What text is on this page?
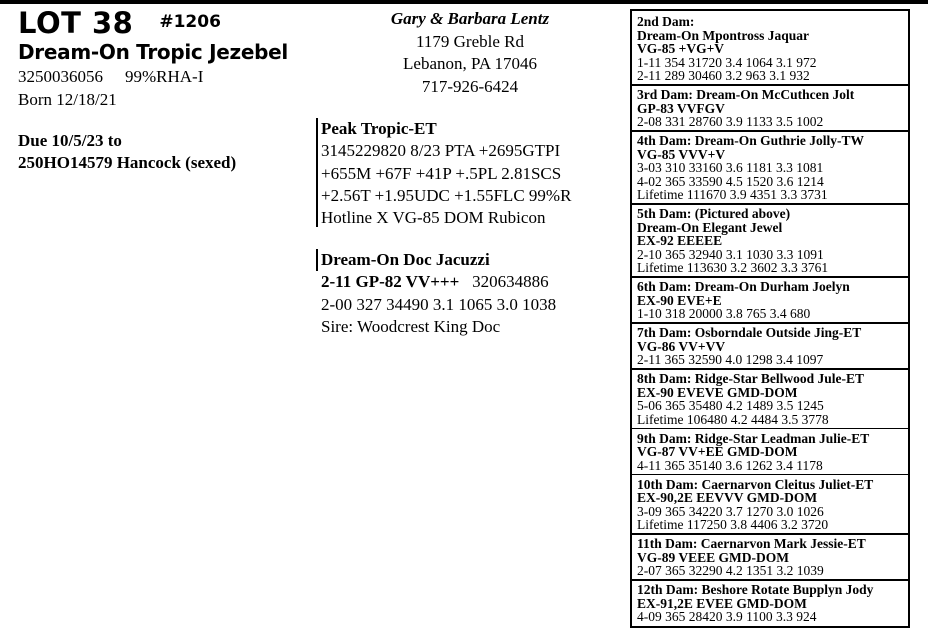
LOT 38 #1206
Dream-On Tropic Jezebel
3250036056 99%RHA-I
Born 12/18/21
Due 10/5/23 to
250HO14579 Hancock (sexed)
Gary & Barbara Lentz
1179 Greble Rd
Lebanon, PA 17046
717-926-6424
Peak Tropic-ET
3145229820 8/23 PTA +2695GTPI
+655M +67F +41P +.5PL 2.81SCS
+2.56T +1.95UDC +1.55FLC 99%R
Hotline X VG-85 DOM Rubicon
Dream-On Doc Jacuzzi
2-11 GP-82 VV+++ 320634886
2-00 327 34490 3.1 1065 3.0 1038
Sire: Woodcrest King Doc
2nd Dam:
Dream-On Mpontross Jaquar
VG-85 +VG+V
1-11 354 31720 3.4 1064 3.1 972
2-11 289 30460 3.2 963 3.1 932
3rd Dam: Dream-On McCuthcen Jolt
GP-83 VVFGV
2-08 331 28760 3.9 1133 3.5 1002
4th Dam: Dream-On Guthrie Jolly-TW
VG-85 VVV+V
3-03 310 33160 3.6 1181 3.3 1081
4-02 365 33590 4.5 1520 3.6 1214
Lifetime 111670 3.9 4351 3.3 3731
5th Dam: (Pictured above)
Dream-On Elegant Jewel
EX-92 EEEEE
2-10 365 32940 3.1 1030 3.3 1091
Lifetime 113630 3.2 3602 3.3 3761
6th Dam: Dream-On Durham Joelyn
EX-90 EVE+E
1-10 318 20000 3.8 765 3.4 680
7th Dam: Osborndale Outside Jing-ET
VG-86 VV+VV
2-11 365 32590 4.0 1298 3.4 1097
8th Dam: Ridge-Star Bellwood Jule-ET
EX-90 EVEVE GMD-DOM
5-06 365 35480 4.2 1489 3.5 1245
Lifetime 106480 4.2 4484 3.5 3778
9th Dam: Ridge-Star Leadman Julie-ET
VG-87 VV+EE GMD-DOM
4-11 365 35140 3.6 1262 3.4 1178
10th Dam: Caernarvon Cleitus Juliet-ET
EX-90,2E EEVVV GMD-DOM
3-09 365 34220 3.7 1270 3.0 1026
Lifetime 117250 3.8 4406 3.2 3720
11th Dam: Caernarvon Mark Jessie-ET
VG-89 VEEE GMD-DOM
2-07 365 32290 4.2 1351 3.2 1039
12th Dam: Beshore Rotate Bupplyn Jody
EX-91,2E EVEE GMD-DOM
4-09 365 28420 3.9 1100 3.3 924
